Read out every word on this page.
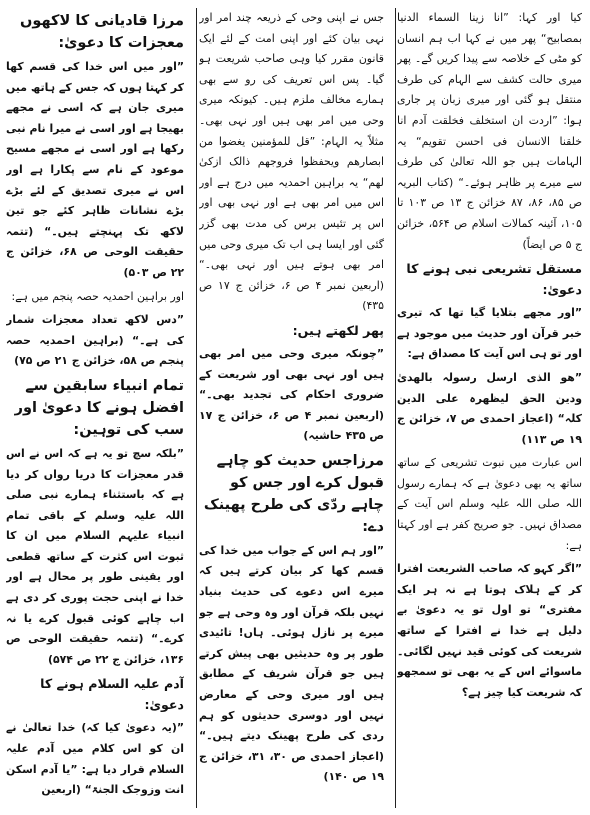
کیا اور کہا: ”انا زینا السماء الدنیا بمصابیح“ پھر میں نے کہا اب ہم انسان کو مٹی کے خلاصہ سے پیدا کریں گے۔ پھر میری حالت کشف سے الہام کی طرف منتقل ہو گئی اور میری زبان پر جاری ہوا: ”اردت ان استخلف فخلقت آدم انا خلقنا الانسان فی احسن تقویم“ یہ الہامات ہیں جو اللہ تعالیٰ کی طرف سے میرے پر ظاہر ہوئے۔“ (کتاب البریہ ص ۸۵، ۸۶، ۸۷ خزائن ج ۱۳ ص ۱۰۳ تا ۱۰۵، آئینہ کمالات اسلام ص ۵۶۴، خزائن ج ۵ ص ایضاً)

مستقل تشریعی نبی ہونے کا دعویٰ:

”اور مجھے بتلایا گیا تھا کہ تیری خبر قرآن اور حدیث میں موجود ہے اور تو ہی اس آیت کا مصداق ہے:

”ھو الذی ارسل رسولہ بالھدیٰ ودین الحق لیظھرہ علی الدین کلہ“ (اعجاز احمدی ص ۷، خزائن ج ۱۹ ص ۱۱۳)

اس عبارت میں نبوت تشریعی کے ساتھ ساتھ یہ بھی دعویٰ ہے کہ ہمارے رسول اللہ صلی اللہ علیہ وسلم اس آیت کے مصداق نہیں۔ جو صریح کفر ہے اور کہتا ہے:

”اگر کہو کہ صاحب الشریعت افترا کر کے ہلاک ہوتا ہے نہ ہر ایک مفتری“ تو اول تو یہ دعویٰ بے دلیل ہے خدا نے افترا کے ساتھ شریعت کی کوئی قید نہیں لگائی۔ ماسوائے اس کے یہ بھی تو سمجھو کہ شریعت کیا چیز ہے؟

جس نے اپنی وحی کے ذریعہ چند امر اور نہی بیان کئے اور اپنی امت کے لئے ایک قانون مقرر کیا وہی صاحب شریعت ہو گیا۔ پس اس تعریف کی رو سے بھی ہمارے مخالف ملزم ہیں۔ کیونکہ میری وحی میں امر بھی ہیں اور نہی بھی۔ مثلاً یہ الہام: ”قل للمؤمنین یغضوا من ابصارھم ویحفظوا فروجھم ذالک ازکیٰ لھم“ یہ براہین احمدیہ میں درج ہے اور اس میں امر بھی ہے اور نہی بھی اور اس پر تئیس برس کی مدت بھی گزر گئی اور ایسا ہی اب تک میری وحی میں امر بھی ہوتے ہیں اور نہی بھی۔“ (اربعین نمبر ۴ ص ۶، خزائن ج ۱۷ ص ۴۳۵)

پھر لکھتے ہیں:

”چونکہ میری وحی میں امر بھی ہیں اور نہی بھی اور شریعت کے ضروری احکام کی تجدید بھی۔“ (اربعین نمبر ۴ ص ۶، خزائن ج ۱۷ ص ۴۳۵ حاشیہ)

مرزاجس حدیث کو چاہے قبول کرے اور جس کو چاہے ردّی کی طرح پھینک دے:

”اور ہم اس کے جواب میں خدا کی قسم کھا کر بیان کرتے ہیں کہ میرے اس دعوے کی حدیث بنیاد نہیں بلکہ قرآن اور وہ وحی ہے جو میرے پر نازل ہوئی۔ ہاں! تائیدی طور پر وہ حدیثیں بھی پیش کرتے ہیں جو قرآن شریف کے مطابق ہیں اور میری وحی کے معارض نہیں اور دوسری حدیثوں کو ہم ردی کی طرح پھینک دیتے ہیں۔“ (اعجاز احمدی ص ۳۰، ۳۱، خزائن ج ۱۹ ص ۱۴۰)

مرزا قادیانی کا لاکھوں معجزات کا دعویٰ:

”اور میں اس خدا کی قسم کھا کر کہتا ہوں کہ جس کے ہاتھ میں میری جان ہے کہ اسی نے مجھے بھیجا ہے اور اسی نے میرا نام نبی رکھا ہے اور اسی نے مجھے مسیح موعود کے نام سے پکارا ہے اور اس نے میری تصدیق کے لئے بڑے بڑے نشانات ظاہر کئے جو تین لاکھ تک پہنچتے ہیں۔“ (تتمہ حقیقت الوحی ص ۶۸، خزائن ج ۲۲ ص ۵۰۳)

اور براہین احمدیہ حصہ پنجم میں ہے:

”دس لاکھ تعداد معجزات شمار کی ہے۔“ (براہین احمدیہ حصہ پنجم ص ۵۸، خزائن ج ۲۱ ص ۷۵)

تمام انبیاء سابقین سے افضل ہونے کا دعویٰ اور سب کی توہین:

”بلکہ سچ تو یہ ہے کہ اس نے اس قدر معجزات کا دریا رواں کر دیا ہے کہ باستثناء ہمارے نبی صلی اللہ علیہ وسلم کے باقی تمام انبیاء علیہم السلام میں ان کا ثبوت اس کثرت کے ساتھ قطعی اور یقینی طور پر محال ہے اور خدا نے اپنی حجت پوری کر دی ہے اب چاہے کوئی قبول کرے یا نہ کرے۔“ (تتمہ حقیقت الوحی ص ۱۳۶، خزائن ج ۲۲ ص ۵۷۴)

آدم علیہ السلام ہونے کا دعویٰ:

”(یہ دعویٰ کیا کہ) خدا تعالیٰ نے ان کو اس کلام میں آدم علیہ السلام قرار دیا ہے: ”یا آدم اسکن انت وزوجک الجنۃ“ (اربعین
